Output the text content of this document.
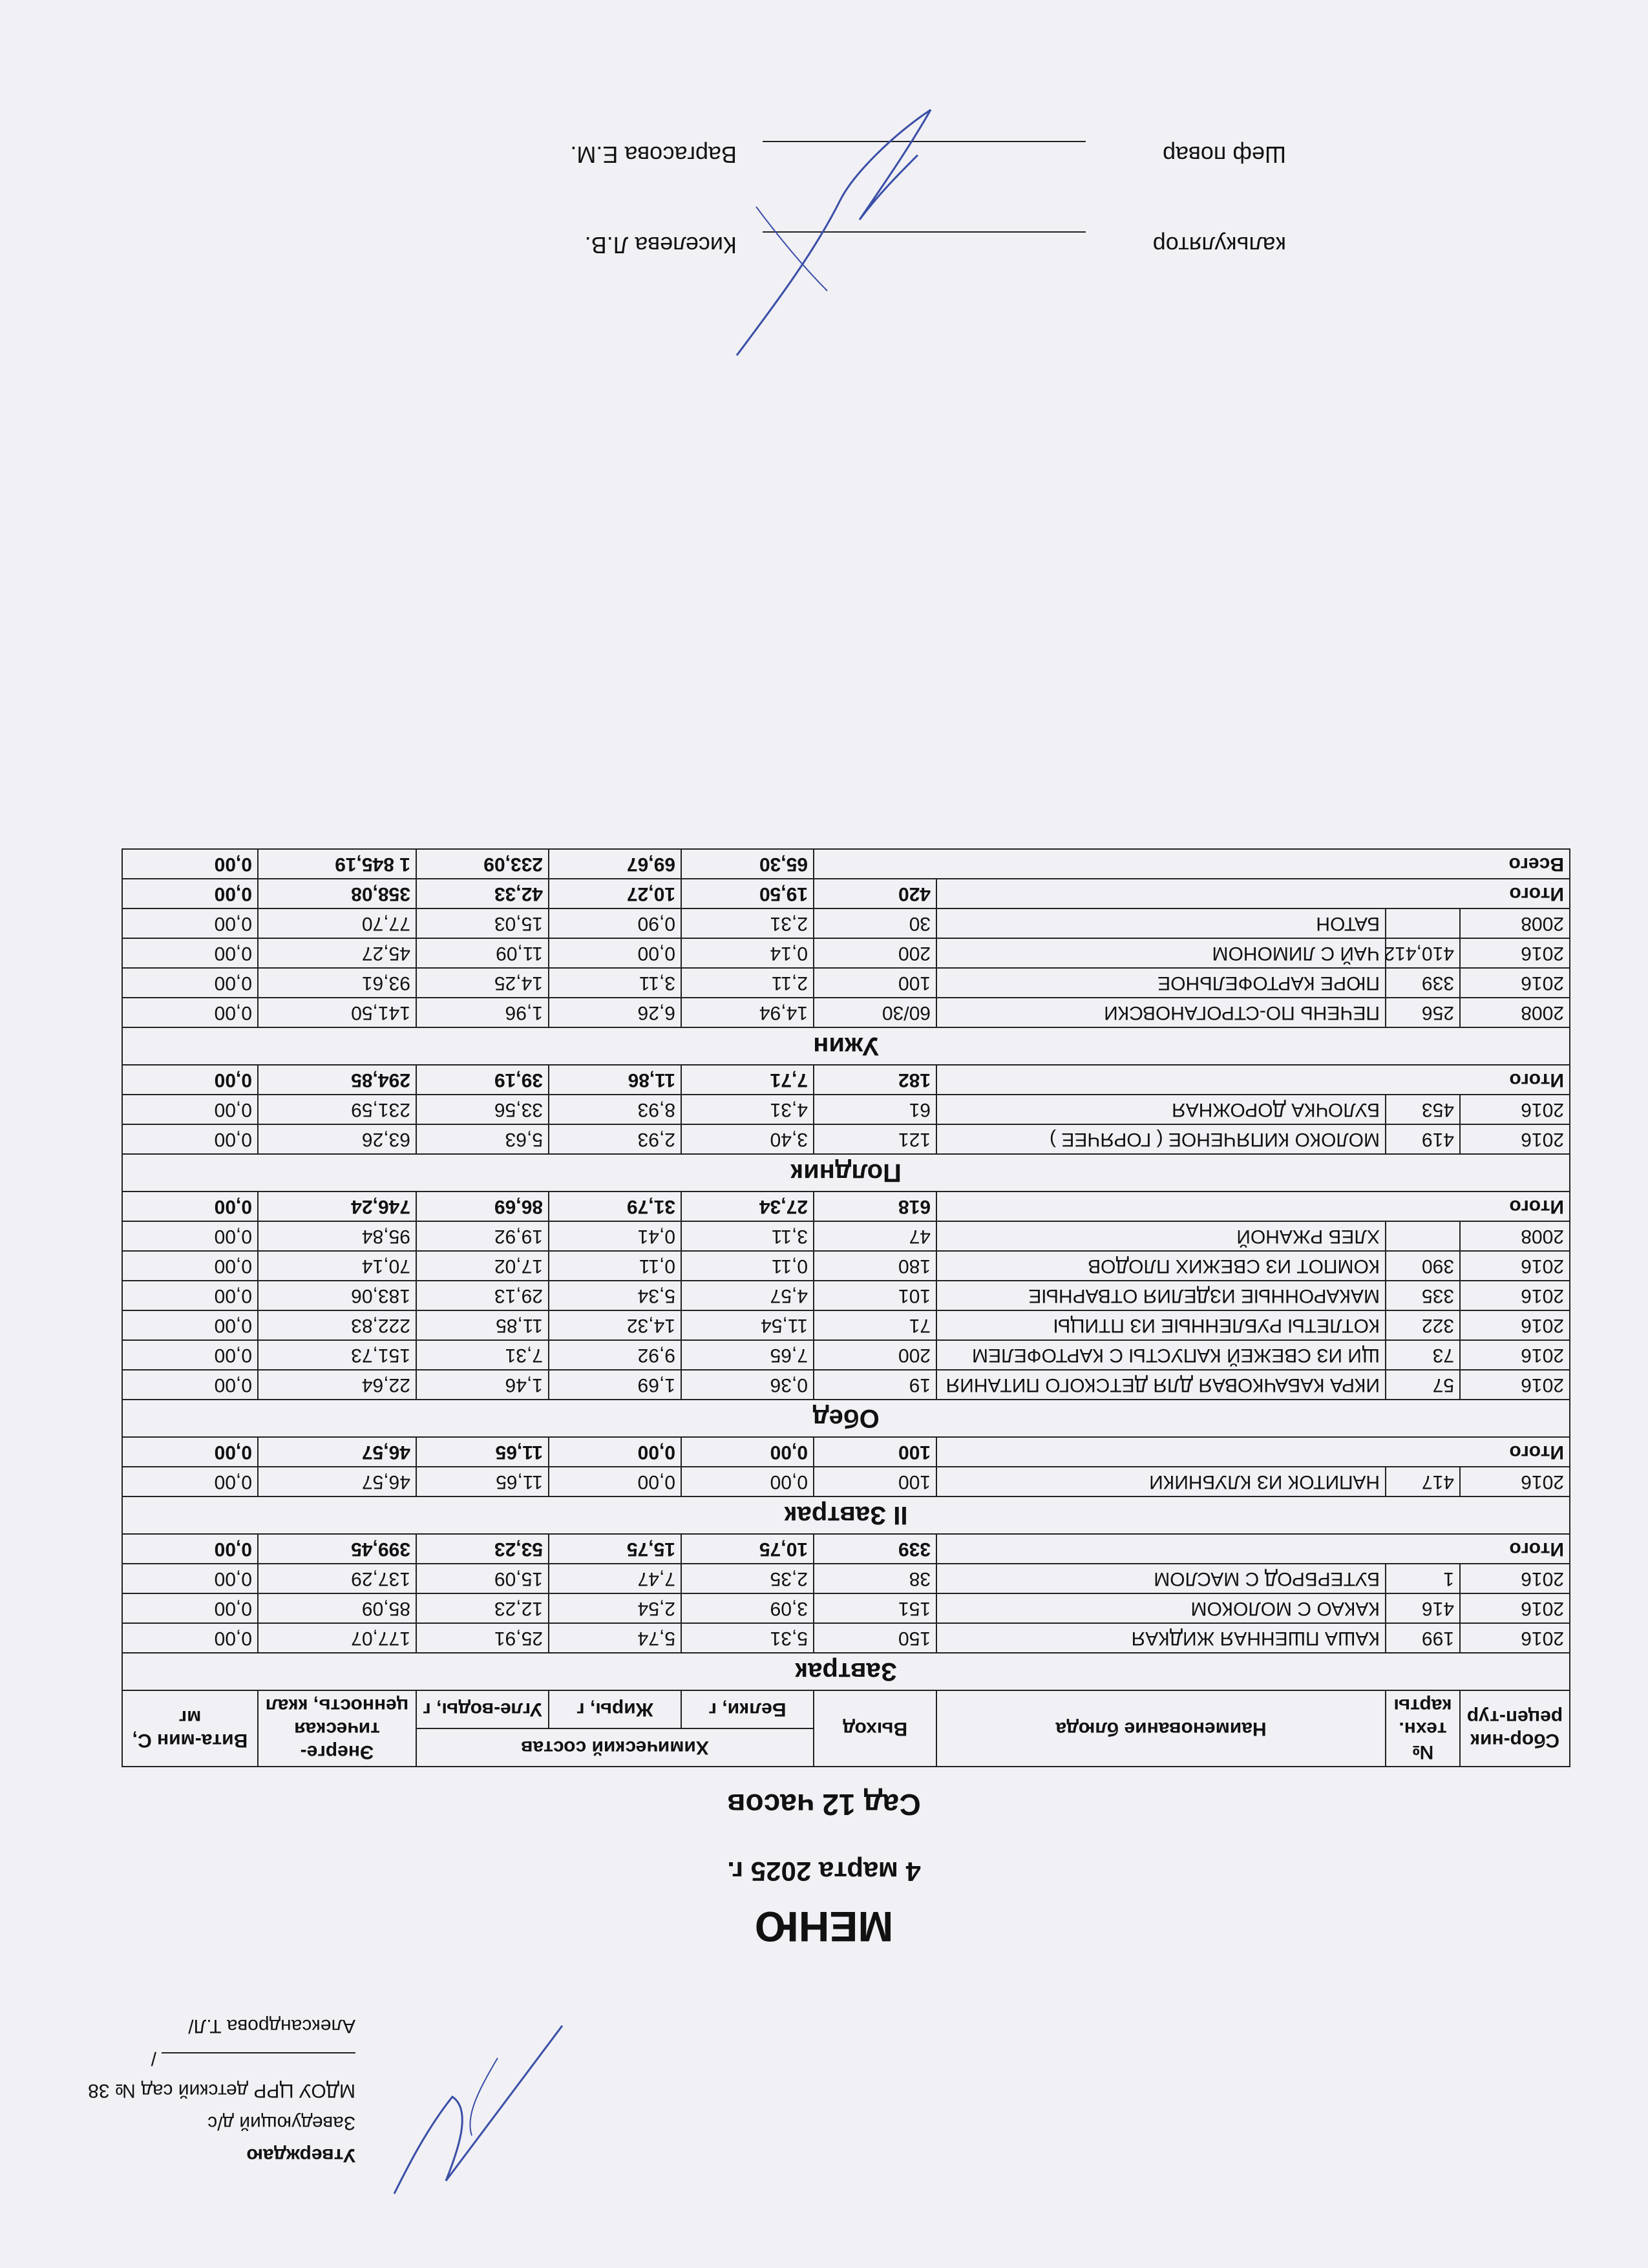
Утверждаю
Заведующий д/с
МДОУ ЦРР детский сад № 38
/Александрова Т.Л/
МЕНЮ
4 марта 2025 г.
Сад 12 часов
Сбор-ник рецеп-тур	№ техн. карты	Наименование блюда	Выход	Химический состав			Энерге-тическая ценность, ккал	Вита-мин С, мг
				Белки, г	Жиры, г	Угле-воды, г		
Завтрак								
2016	199	КАША ПШЕННАЯ ЖИДКАЯ	150	5,31	5,74	25,91	177,07	0,00
2016	416	КАКАО С МОЛОКОМ	151	3,09	2,54	12,23	85,09	0,00
2016	1	БУТЕРБРОД С МАСЛОМ	38	2,35	7,47	15,09	137,29	0,00
Итого			339	10,75	15,75	53,23	399,45	0,00
II Завтрак								
2016	417	НАПИТОК ИЗ КЛУБНИКИ	100	0,00	0,00	11,65	46,57	0,00
Итого			100	0,00	0,00	11,65	46,57	0,00
Обед								
2016	57	ИКРА КАБАЧКОВАЯ ДЛЯ ДЕТСКОГО ПИТАНИЯ	19	0,36	1,69	1,46	22,64	0,00
2016	73	ЩИ ИЗ СВЕЖЕЙ КАПУСТЫ С КАРТОФЕЛЕМ	200	7,65	9,92	7,31	151,73	0,00
2016	322	КОТЛЕТЫ РУБЛЕННЫЕ ИЗ ПТИЦЫ	71	11,54	14,32	11,85	222,83	0,00
2016	335	МАКАРОННЫЕ ИЗДЕЛИЯ ОТВАРНЫЕ	101	4,57	5,34	29,13	183,06	0,00
2016	390	КОМПОТ ИЗ СВЕЖИХ ПЛОДОВ	180	0,11	0,11	17,02	70,14	0,00
2008		ХЛЕБ РЖАНОЙ	47	3,11	0,41	19,92	95,84	0,00
Итого			618	27,34	31,79	86,69	746,24	0,00
Полдник								
2016	419	МОЛОКО КИПЯЧЕНОЕ ( ГОРЯЧЕЕ )	121	3,40	2,93	5,63	63,26	0,00
2016	453	БУЛОЧКА ДОРОЖНАЯ	61	4,31	8,93	33,56	231,59	0,00
Итого			182	7,71	11,86	39,19	294,85	0,00
Ужин								
2008	256	ПЕЧЕНЬ ПО-СТРОГАНОВСКИ	60/30	14,94	6,26	1,96	141,50	0,00
2016	339	ПЮРЕ КАРТОФЕЛЬНОЕ	100	2,11	3,11	14,25	93,61	0,00
2016	410,412	ЧАЙ С ЛИМОНОМ	200	0,14	0,00	11,09	45,27	0,00
2008		БАТОН	30	2,31	0,90	15,03	77,70	0,00
Итого			420	19,50	10,27	42,33	358,08	0,00
Всего				65,30	69,67	233,09	1 845,19	0,00
калькулятор
Киселева Л.В.
Шеф повар
Варгасова Е.М.
